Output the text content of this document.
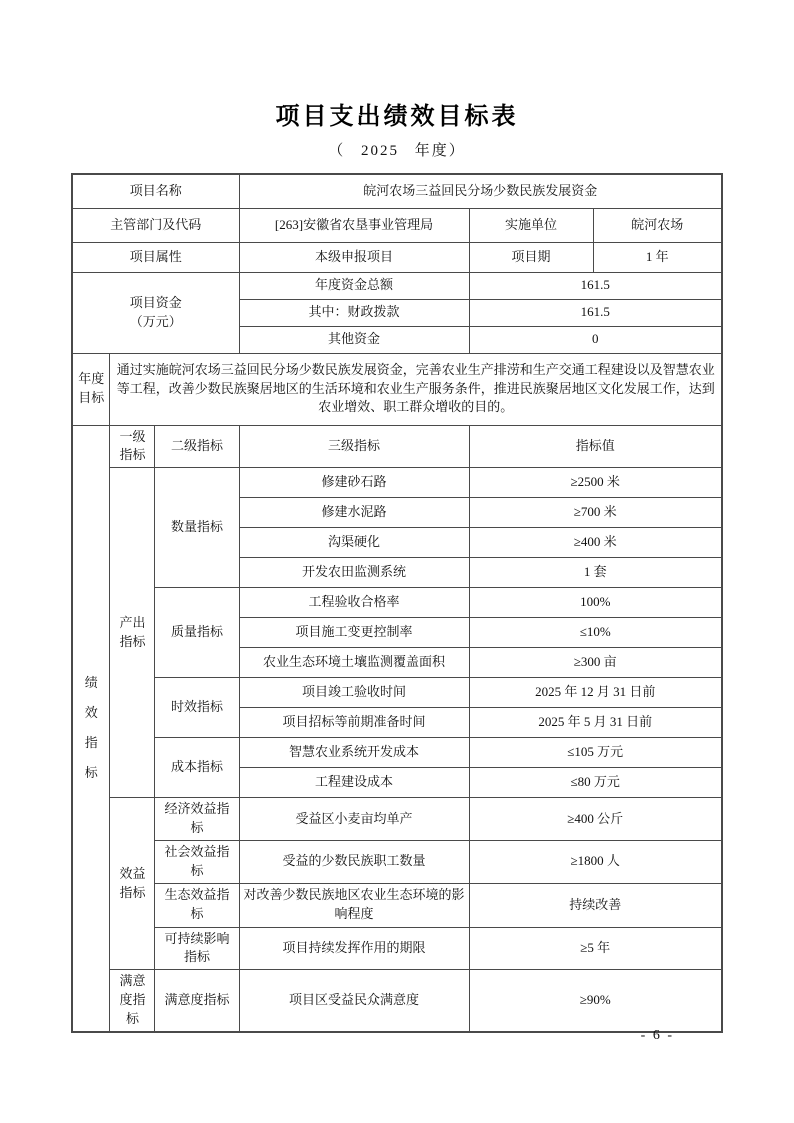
项目支出绩效目标表
（ 2025 年度）
项目名称			皖河农场三益回民分场少数民族发展资金		
主管部门及代码			[263]安徽省农垦事业管理局	实施单位	皖河农场
项目属性			本级申报项目	项目期	1 年

项目资金
（万元）			年度资金总额	161.5	
			其中：财政拨款	161.5	
			其他资金	0	
年度目标	通过实施皖河农场三益回民分场少数民族发展资金，完善农业生产排涝和生产交通工程建设以及智慧农业等工程，改善少数民族聚居地区的生活环境和农业生产服务条件，推进民族聚居地区文化发展工作，达到农业增效、职工群众增收的目的。				
绩效指标	一级指标	二级指标	三级指标	指标值	
	产出指标	数量指标	修建砂石路	≥2500 米	
			修建水泥路	≥700 米	
			沟渠硬化	≥400 米	
			开发农田监测系统	1 套	
		质量指标	工程验收合格率	100%	
			项目施工变更控制率	≤10%	
			农业生态环境土壤监测覆盖面积	≥300 亩	
		时效指标	项目竣工验收时间	2025 年 12 月 31 日前	
			项目招标等前期准备时间	2025 年 5 月 31 日前	
		成本指标	智慧农业系统开发成本	≤105 万元	
			工程建设成本	≤80 万元	
	效益指标	经济效益指标	受益区小麦亩均单产	≥400 公斤	
		社会效益指标	受益的少数民族职工数量	≥1800 人	
		生态效益指标	对改善少数民族地区农业生态环境的影响程度	持续改善	
		可持续影响指标	项目持续发挥作用的期限	≥5 年	
	满意度指标	满意度指标	项目区受益民众满意度	≥90%	
- 6 -
